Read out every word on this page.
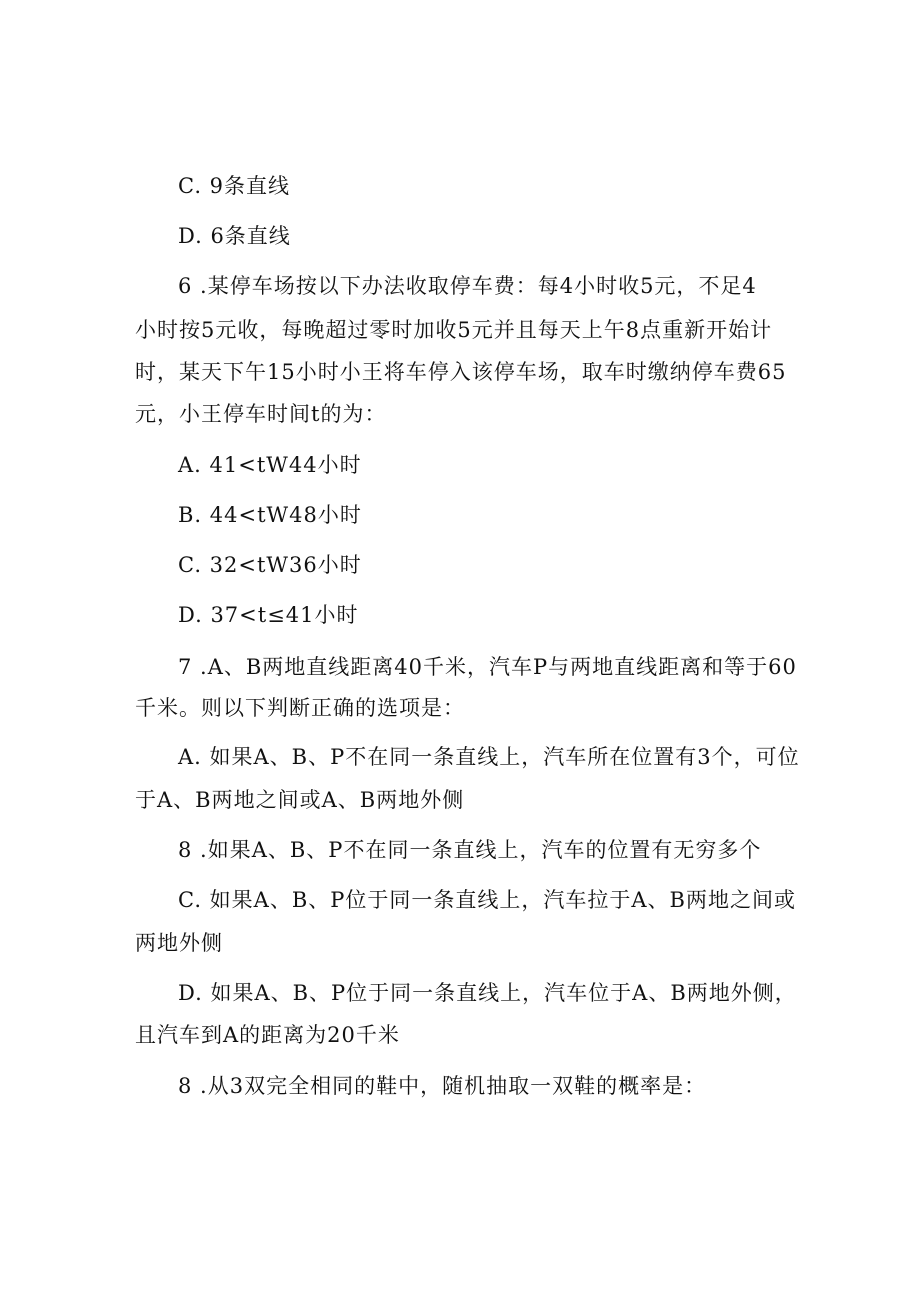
C. 9条直线
D. 6条直线
6 .某停车场按以下办法收取停车费：每4小时收5元，不足4
小时按5元收，每晚超过零时加收5元并且每天上午8点重新开始计
时，某天下午15小时小王将车停入该停车场，取车时缴纳停车费65
元，小王停车时间t的为：
A. 41<tW44小时
B. 44<tW48小时
C. 32<tW36小时
D. 37<t≤41小时
7 .A、B两地直线距离40千米，汽车P与两地直线距离和等于60
千米。则以下判断正确的选项是：
A. 如果A、B、P不在同一条直线上，汽车所在位置有3个，可位
于A、B两地之间或A、B两地外侧
8 .如果A、B、P不在同一条直线上，汽车的位置有无穷多个
C. 如果A、B、P位于同一条直线上，汽车拉于A、B两地之间或
两地外侧
D. 如果A、B、P位于同一条直线上，汽车位于A、B两地外侧，
且汽车到A的距离为20千米
8 .从3双完全相同的鞋中，随机抽取一双鞋的概率是：
